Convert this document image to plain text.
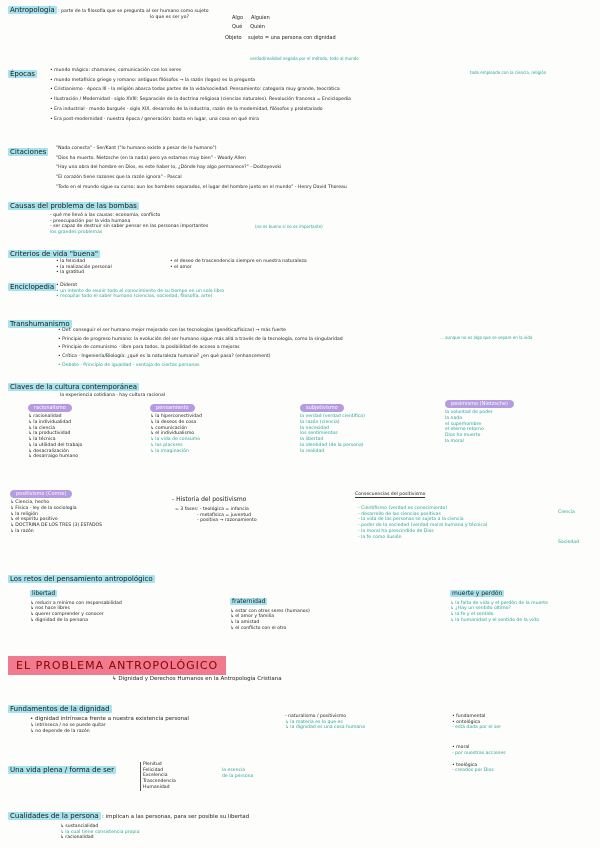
Antropología : parte de la filosofía que se pregunta al ser humano como sujeto
lo que es ser yo?	Algo Alguien
Qué Quién
Objeto sujeto = una persona con dignidad
verdad/realidad negada por el método, todo al mundo
Épocas	• mundo mágico: chamanes, comunicación con los seres
• mundo metafísico griego y romano: antiguos filósofos → la razón (logos) es la pregunta
• Cristianismo · época III - la religión abarca todas partes de la vida/sociedad. Pensamiento: categoría muy grande, teocrática
• Ilustración / Modernidad · siglo XVIII: Separación de la doctrina religiosa (ciencias naturales). Revolución francesa = Enciclopedia
• Era industrial · mundo burgués · siglo XIX, desarrollo de la industria, razón de la modernidad, filósofos y proletariado
• Era post-modernidad · nuestra época / generación: basta en lugar, una cosa en qué mira
todo empleado con la ciencia, religión
Citaciones	"Nada conecta" - Ser/Kant ("lo humano existe a pesar de lo humano")
"Dios ha muerto. Nietzsche (en la nada) pero ya estamos muy bien" - Woody Allen
"Hay una obra del hombre en Dios, es este haber lo, ¿Dónde hay algo permanece?" - Dostoyevski
"El corazón tiene razones que la razón ignora" - Pascal
"Todo en el mundo sigue su curso; aun los hombres separados, el lugar del hombre junto en el mundo" - Henry David Thoreau
Causas del problema de las bombas
- qué me llevó a las causas: economía, conflicto
- preocupación por la vida humana
- ser capaz de destruir sin saber pensar en las personas importantes
los grandes problemas
(no es bueno si no es importante)
Criterios de vida "buena"
• la felicidad
• la realización personal
• la gratitud
• el deseo de trascendencia siempre en nuestra naturaleza
• el amor
Enciclopedia • Diderot
• un intento de reunir todo el conocimiento de su tiempo en un solo libro
• recopilar todo el saber humano (ciencias, sociedad, filosofía, arte)
Transhumanismo
• Def: conseguir el ser humano mejor mejorado con las tecnologías (genética/físicas) → más fuerte
• Principio de progreso humano: la evolución del ser humano sigue más allá a través de la tecnología, como la singularidad
• Principio de comunismo · libre para todos, la posibilidad de acceso a mejoras
• Crítica · Ingeniería/Biología: ¿qué es la naturaleza humana? ¿en qué pasa? (enhancement)
• Debate · Principio de igualdad · ventaja de ciertas personas
... aunque no es algo que se separe en la vida
Claves de la cultura contemporánea
la experiencia cotidiana · hay cultura racional
racionalismo
↳ racionalidad
↳ la individualidad
↳ la ciencia
↳ la productividad
↳ la técnica
↳ la utilidad del trabajo
↳ desacralización
↳ desarraigo humano
pensamiento
↳ la hiperconectividad
↳ la deseos de cosa
↳ comunicación
↳ el individualismo
↳ la vida de consumo
↳ los placeres
↳ la imaginación
subjetivismo
la verdad (verdad científica)
la razón (ciencia)
la necesidad
los sentimientos
la libertad
la identidad (de la persona)
la realidad
pesimismo (Nietzsche)
la voluntad de poder
la nada
el superhombre
el eterno retorno
Dios ha muerto
la moral
positivismo (Comte)
↳ Ciencia, hecho
↳ Física · ley de la sociología
↳ la religión
↳ el espíritu positivo
↳ DOCTRINA DE LOS TRES (3) ESTADOS
↳ la razón
- Historia del positivismo
= 3 fases: - teológica = infancia
- metafísica = juventud
- positiva → razonamiento
Consecuencias del positivismo
- Cientifismo (verdad es conocimiento)
- desarrollo de las ciencias positivas
- la vida de las personas se sujeta a la ciencia
- poder de la sociedad (verdad moral humana y técnica)
- la moral ha prescindido de Dios
- la fe como ilusión
Ciencia
Sociedad
Los retos del pensamiento antropológico
libertad
↳ reducir a mínimo con responsabilidad
↳ nos hace libres
↳ querer comprender y conocer
↳ dignidad de la persona
fraternidad
↳ estar con otros seres (humanos)
↳ el amor y familia
↳ la amistad
↳ el conflicto con el otro
muerte y perdón
↳ la falta de vida y el perdón de la muerte
↳ ¿Hay un sentido último?
↳ la fe y el sentido
↳ la humanidad y el sentido de la vida
EL PROBLEMA ANTROPOLÓGICO
↳ Dignidad y Derechos Humanos en la Antropología Cristiana
Fundamentos de la dignidad
• dignidad intrínseca frente a nuestra existencia personal
↳ intrínseca / no se puede quitar
↳ no depende de la razón
- naturalismo / positivismo
↳ la materia es lo que es
↳ la dignidad es una cosa humana
• fundamental
• ontológica
- está dada por el ser
• moral
- por nuestras acciones
• teológica
- creados por Dios
Una vida plena / forma de ser
Plenitud
Felicidad
Excelencia
Trascendencia
Humanidad
la esencia
de la persona
Cualidades de la persona : implican a las personas, para ser posible su libertad
↳ sustancialidad
↳ la cual tiene consistencia propia
↳ racionalidad
